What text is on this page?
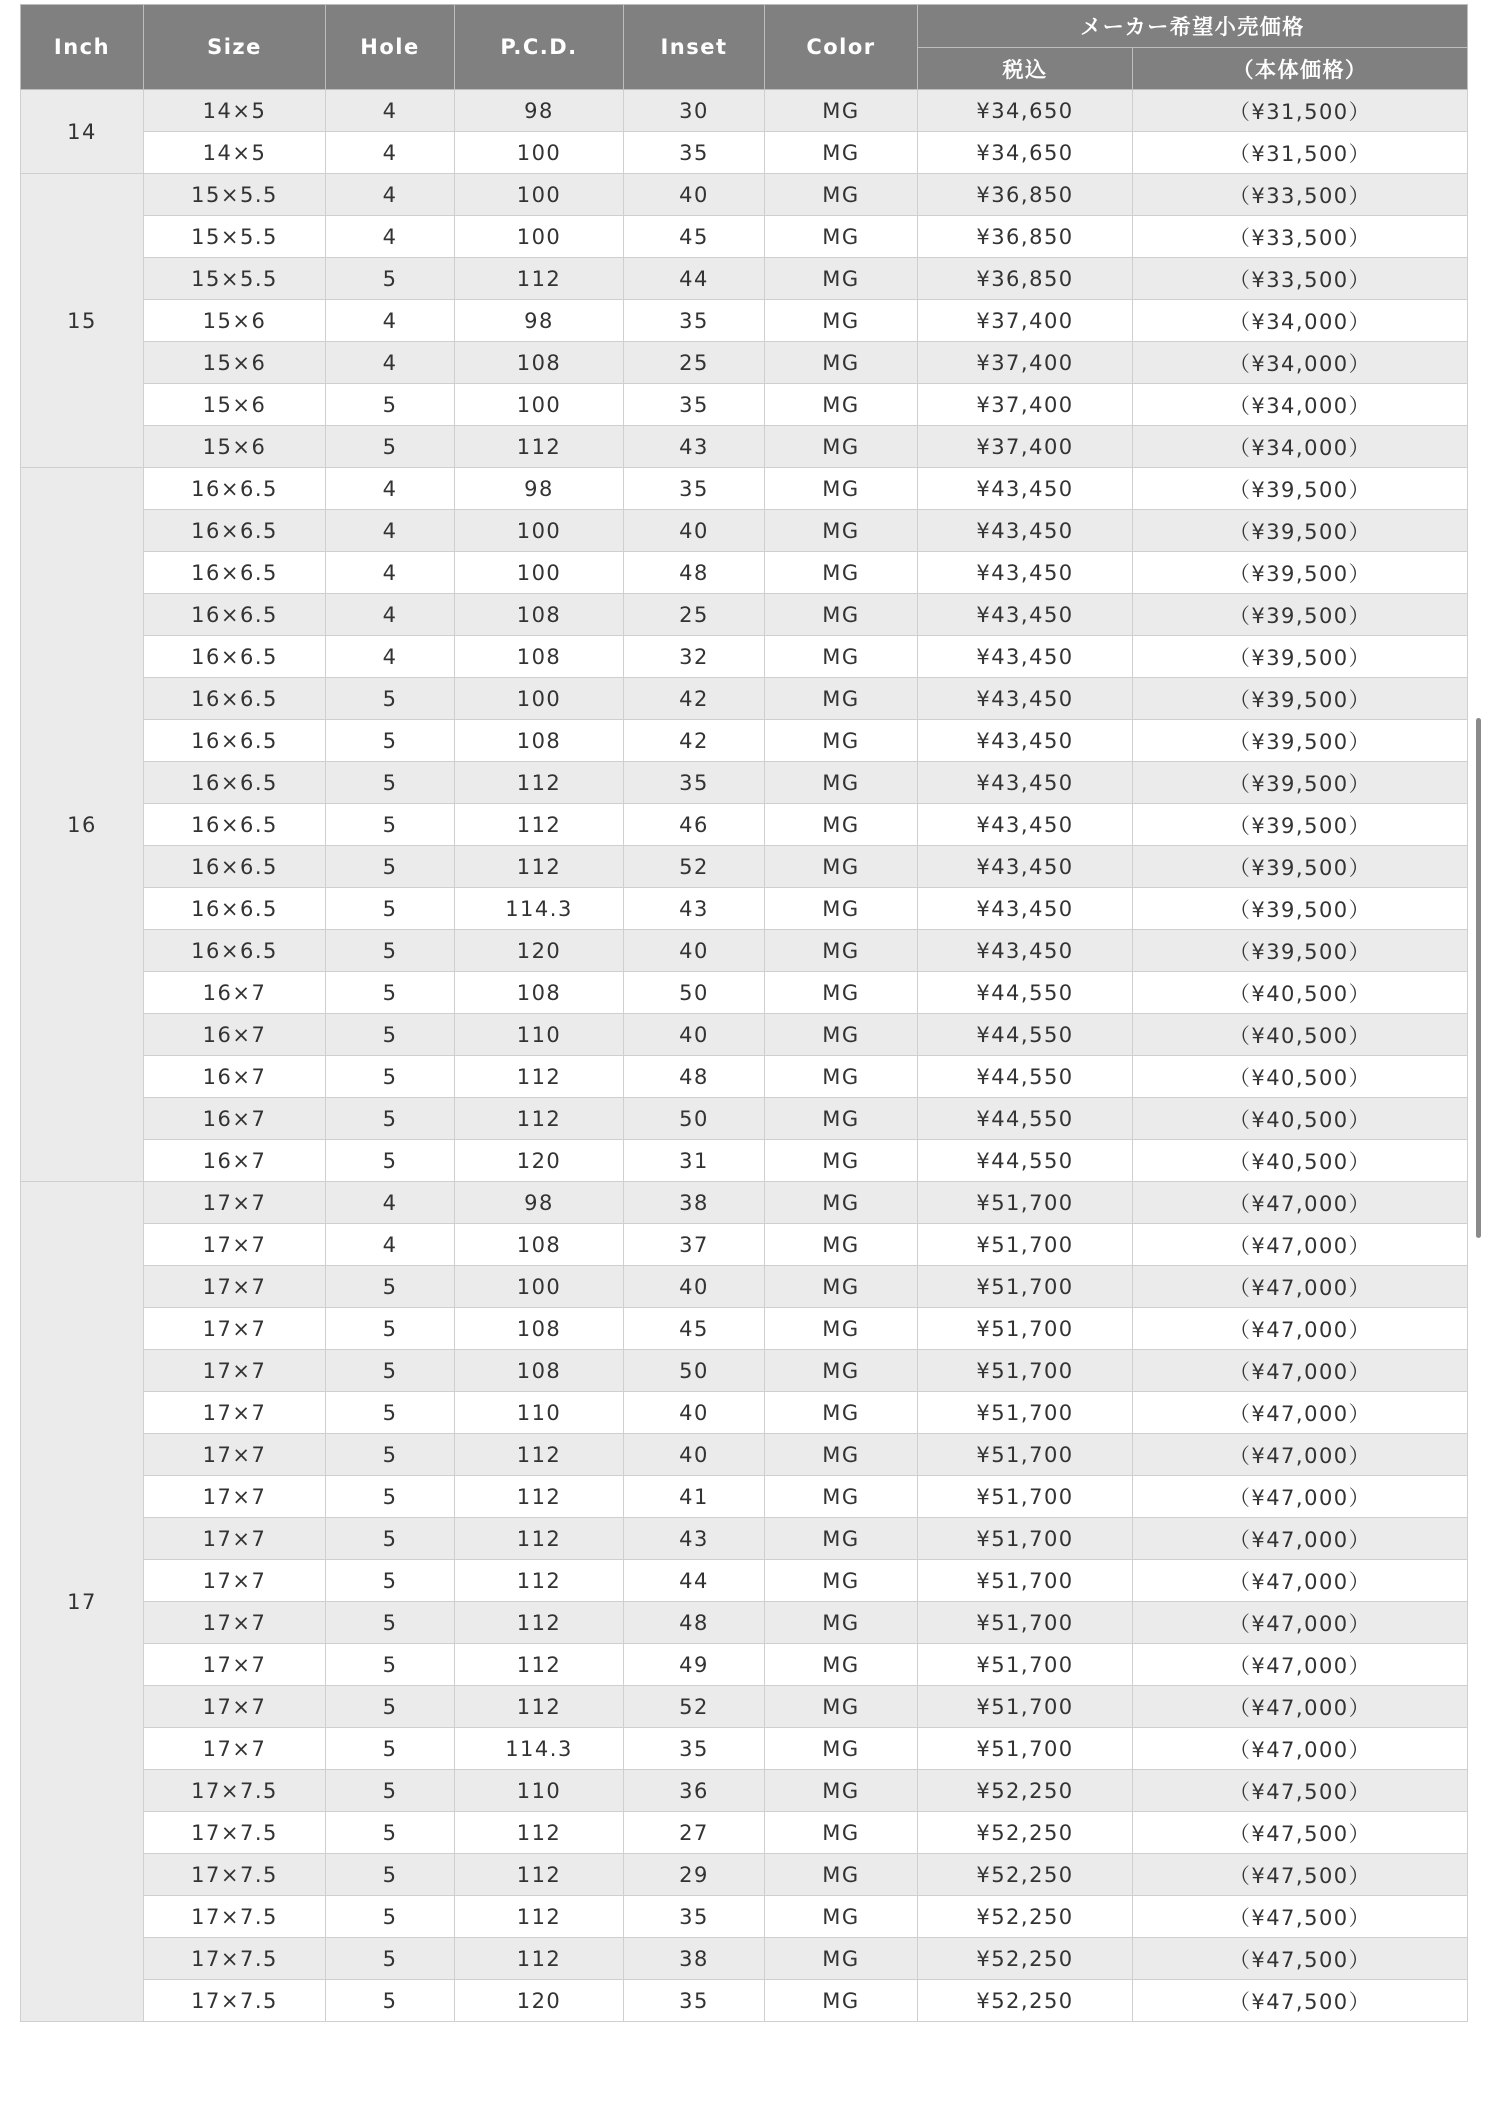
Inch	Size	Hole	P.C.D.	Inset	Color	メーカー希望小売価格	
						税込	（本体価格）
14	14×5	4	98	30	MG	¥34,650	（¥31,500）
	14×5	4	100	35	MG	¥34,650	（¥31,500）
15	15×5.5	4	100	40	MG	¥36,850	（¥33,500）
	15×5.5	4	100	45	MG	¥36,850	（¥33,500）
	15×5.5	5	112	44	MG	¥36,850	（¥33,500）
	15×6	4	98	35	MG	¥37,400	（¥34,000）
	15×6	4	108	25	MG	¥37,400	（¥34,000）
	15×6	5	100	35	MG	¥37,400	（¥34,000）
	15×6	5	112	43	MG	¥37,400	（¥34,000）
16	16×6.5	4	98	35	MG	¥43,450	（¥39,500）
	16×6.5	4	100	40	MG	¥43,450	（¥39,500）
	16×6.5	4	100	48	MG	¥43,450	（¥39,500）
	16×6.5	4	108	25	MG	¥43,450	（¥39,500）
	16×6.5	4	108	32	MG	¥43,450	（¥39,500）
	16×6.5	5	100	42	MG	¥43,450	（¥39,500）
	16×6.5	5	108	42	MG	¥43,450	（¥39,500）
	16×6.5	5	112	35	MG	¥43,450	（¥39,500）
	16×6.5	5	112	46	MG	¥43,450	（¥39,500）
	16×6.5	5	112	52	MG	¥43,450	（¥39,500）
	16×6.5	5	114.3	43	MG	¥43,450	（¥39,500）
	16×6.5	5	120	40	MG	¥43,450	（¥39,500）
	16×7	5	108	50	MG	¥44,550	（¥40,500）
	16×7	5	110	40	MG	¥44,550	（¥40,500）
	16×7	5	112	48	MG	¥44,550	（¥40,500）
	16×7	5	112	50	MG	¥44,550	（¥40,500）
	16×7	5	120	31	MG	¥44,550	（¥40,500）
17	17×7	4	98	38	MG	¥51,700	（¥47,000）
	17×7	4	108	37	MG	¥51,700	（¥47,000）
	17×7	5	100	40	MG	¥51,700	（¥47,000）
	17×7	5	108	45	MG	¥51,700	（¥47,000）
	17×7	5	108	50	MG	¥51,700	（¥47,000）
	17×7	5	110	40	MG	¥51,700	（¥47,000）
	17×7	5	112	40	MG	¥51,700	（¥47,000）
	17×7	5	112	41	MG	¥51,700	（¥47,000）
	17×7	5	112	43	MG	¥51,700	（¥47,000）
	17×7	5	112	44	MG	¥51,700	（¥47,000）
	17×7	5	112	48	MG	¥51,700	（¥47,000）
	17×7	5	112	49	MG	¥51,700	（¥47,000）
	17×7	5	112	52	MG	¥51,700	（¥47,000）
	17×7	5	114.3	35	MG	¥51,700	（¥47,000）
	17×7.5	5	110	36	MG	¥52,250	（¥47,500）
	17×7.5	5	112	27	MG	¥52,250	（¥47,500）
	17×7.5	5	112	29	MG	¥52,250	（¥47,500）
	17×7.5	5	112	35	MG	¥52,250	（¥47,500）
	17×7.5	5	112	38	MG	¥52,250	（¥47,500）
	17×7.5	5	120	35	MG	¥52,250	（¥47,500）
